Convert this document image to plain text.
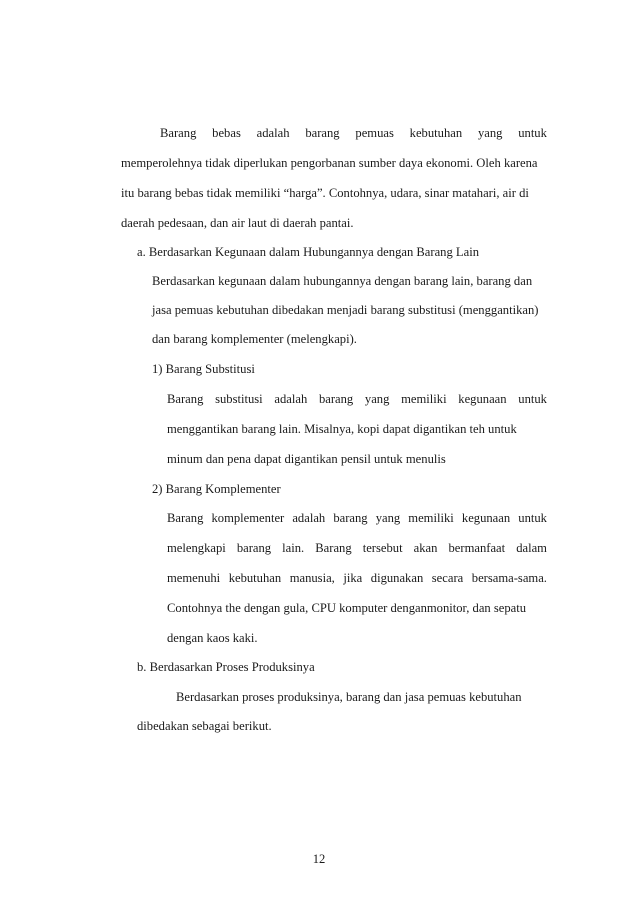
Barang bebas adalah barang pemuas kebutuhan yang untuk
memperolehnya tidak diperlukan pengorbanan sumber daya ekonomi. Oleh karena
itu barang bebas tidak memiliki “harga”. Contohnya, udara, sinar matahari, air di
daerah pedesaan, dan air laut di daerah pantai.
a. Berdasarkan Kegunaan dalam Hubungannya dengan Barang Lain
Berdasarkan kegunaan dalam hubungannya dengan barang lain, barang dan
jasa pemuas kebutuhan dibedakan menjadi barang substitusi (menggantikan)
dan barang komplementer (melengkapi).
1) Barang Substitusi
Barang substitusi adalah barang yang memiliki kegunaan untuk
menggantikan barang lain. Misalnya, kopi dapat digantikan teh untuk
minum dan pena dapat digantikan pensil untuk menulis
2) Barang Komplementer
Barang komplementer adalah barang yang memiliki kegunaan untuk
melengkapi barang lain. Barang tersebut akan bermanfaat dalam
memenuhi kebutuhan manusia, jika digunakan secara bersama-sama.
Contohnya the dengan gula, CPU komputer denganmonitor, dan sepatu
dengan kaos kaki.
b. Berdasarkan Proses Produksinya
Berdasarkan proses produksinya, barang dan jasa pemuas kebutuhan
dibedakan sebagai berikut.
12
